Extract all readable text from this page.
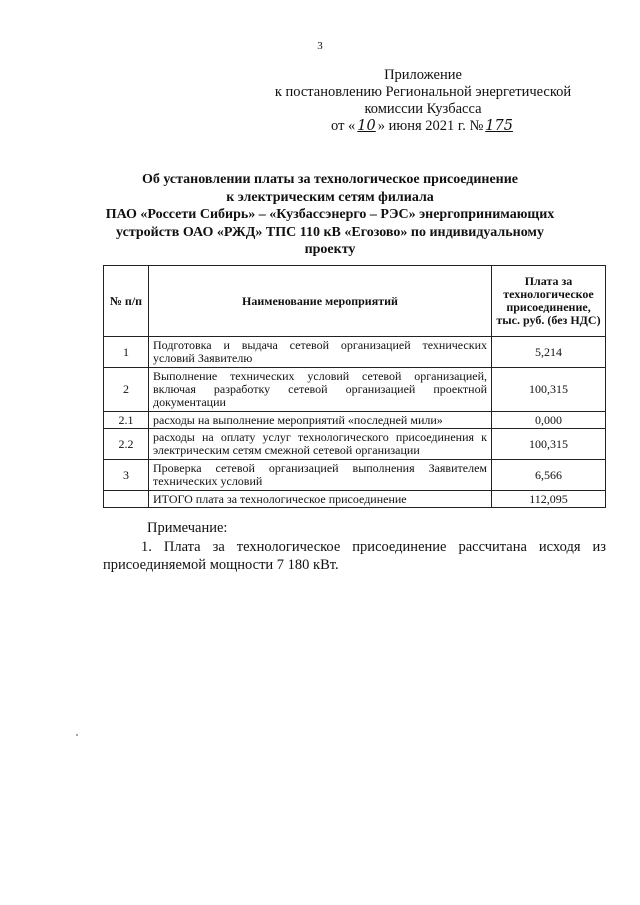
3
Приложение
к постановлению Региональной энергетической
комиссии Кузбасса
от « 10 » июня 2021 г. № 175
Об установлении платы за технологическое присоединение
к электрическим сетям филиала
ПАО «Россети Сибирь» – «Кузбассэнерго – РЭС» энергопринимающих
устройств ОАО «РЖД» ТПС 110 кВ «Егозово» по индивидуальному
проекту
№ п/п	Наименование мероприятий	Плата за технологическое присоединение, тыс. руб. (без НДС)
1	Подготовка и выдача сетевой организацией технических условий Заявителю	5,214
2	Выполнение технических условий сетевой организацией, включая разработку сетевой организацией проектной документации	100,315
2.1	расходы на выполнение мероприятий «последней мили»	0,000
2.2	расходы на оплату услуг технологического присоединения к электрическим сетям смежной сетевой организации	100,315
3	Проверка сетевой организацией выполнения Заявителем технических условий	6,566
	ИТОГО плата за технологическое присоединение	112,095
Примечание:
1. Плата за технологическое присоединение рассчитана исходя из присоединяемой мощности 7 180 кВт.
